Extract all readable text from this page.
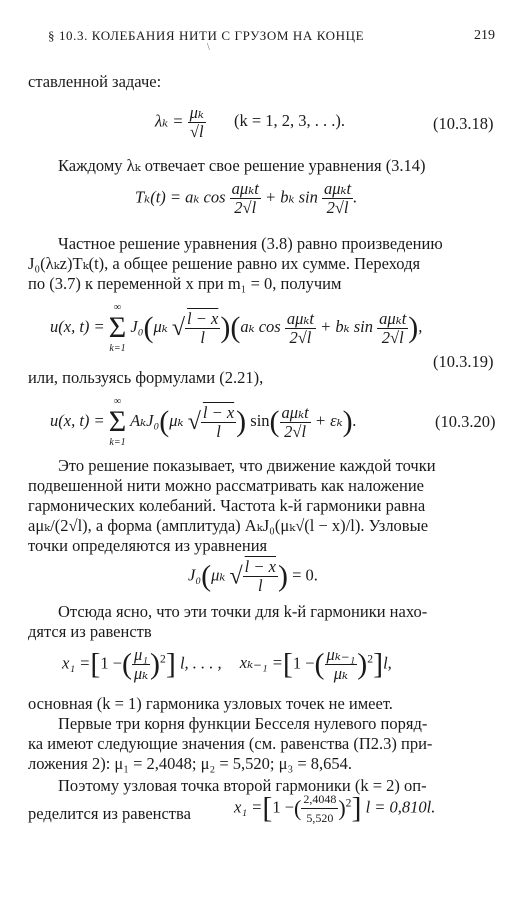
§ 10.3. КОЛЕБАНИЯ НИТИ С ГРУЗОМ НА КОНЦЕ
\
219
ставленной задаче:
$\lambda_k = \frac{\text{μₖ}}{√l} (k = 1$, 2, 3, . . .).	(10.3.18)
Каждому λₖ отвечает свое решение уравнения (3.14)
Tₖ(t) = aₖ $\cos \frac{\text{aμₖt}}{2√l} + b_k$ $\sin \frac{\text{aμₖt}}{2√l}$ .
Частное решение уравнения (3.8) равно произведению
J₀(λₖz)Tₖ(t), а общее решение равно их сумме. Переходя
по (3.7) к переменной x при m₁ = 0, получим
u(x, t) =
∞
Σ
k=1
J₀(μₖ √ $\frac{l - x}{l} )(a_k$ $\cos \frac{\text{aμₖt}}{2√l} + b_k$ $\sin \frac{\text{aμₖt}}{2√l}$ ),
(10.3.19)
или, пользуясь формулами (2.21),
u(x, t) =
∞
Σ
k=1
AₖJ₀(μₖ √ $\frac{l - x}{l}$ ) $\sin( \frac{\text{aμₖt}}{2√l} + \varepsilon_k)$.	(10.3.20)
Это решение показывает, что движение каждой точки
подвешенной нити можно рассматривать как наложение
гармонических колебаний. Частота k-й гармоники равна
aμₖ/(2√l), а форма (амплитуда) AₖJ₀(μₖ√(l − x)/l). Узловые
точки определяются из уравнения
J₀(μₖ √ $\frac{l - x}{l}$ ) = 0.
Отсюда ясно, что эти точки для k-й гармоники нахо-
дятся из равенств
x₁ =[1 −( $\frac{\text{μ₁}}{\text{μₖ}} )^2$] l, . . . , xₖ₋₁ =[1 −( $\frac{\text{μₖ₋₁}}{\text{μₖ}} )^2]l$,
основная (k = 1) гармоника узловых точек не имеет.
Первые три корня функции Бесселя нулевого поряд-
ка имеют следующие значения (см. равенства (П2.3) при-
ложения 2): μ₁ = 2,4048; μ₂ = 5,520; μ₃ = 8,654.
Поэтому узловая точка второй гармоники (k = 2) оп-
ределится из равенства	x₁ =[1 −( $\frac{2,4048}{5,520} )^2$] l = 0,810l.
